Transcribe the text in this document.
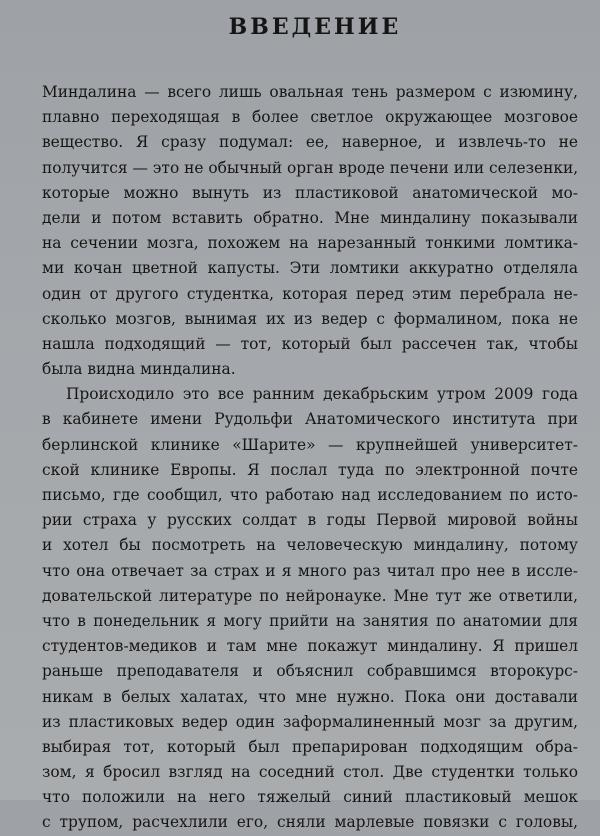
ВВЕДЕНИЕ
Миндалина — всего лишь овальная тень размером с изюмину,
плавно переходящая в более светлое окружающее мозговое
вещество. Я сразу подумал: ее, наверное, и извлечь-то не
получится — это не обычный орган вроде печени или селезенки,
которые можно вынуть из пластиковой анатомической мо-
дели и потом вставить обратно. Мне миндалину показывали
на сечении мозга, похожем на нарезанный тонкими ломтика-
ми кочан цветной капусты. Эти ломтики аккуратно отделяла
один от другого студентка, которая перед этим перебрала не-
сколько мозгов, вынимая их из ведер с формалином, пока не
нашла подходящий — тот, который был рассечен так, чтобы
была видна миндалина.
Происходило это все ранним декабрьским утром 2009 года
в кабинете имени Рудольфи Анатомического института при
берлинской клинике «Шарите» — крупнейшей университет-
ской клинике Европы. Я послал туда по электронной почте
письмо, где сообщил, что работаю над исследованием по исто-
рии страха у русских солдат в годы Первой мировой войны
и хотел бы посмотреть на человеческую миндалину, потому
что она отвечает за страх и я много раз читал про нее в иссле-
довательской литературе по нейронауке. Мне тут же ответили,
что в понедельник я могу прийти на занятия по анатомии для
студентов-медиков и там мне покажут миндалину. Я пришел
раньше преподавателя и объяснил собравшимся второкурс-
никам в белых халатах, что мне нужно. Пока они доставали
из пластиковых ведер один заформалиненный мозг за другим,
выбирая тот, который был препарирован подходящим обра-
зом, я бросил взгляд на соседний стол. Две студентки только
что положили на него тяжелый синий пластиковый мешок
с трупом, расчехлили его, сняли марлевые повязки с головы,
